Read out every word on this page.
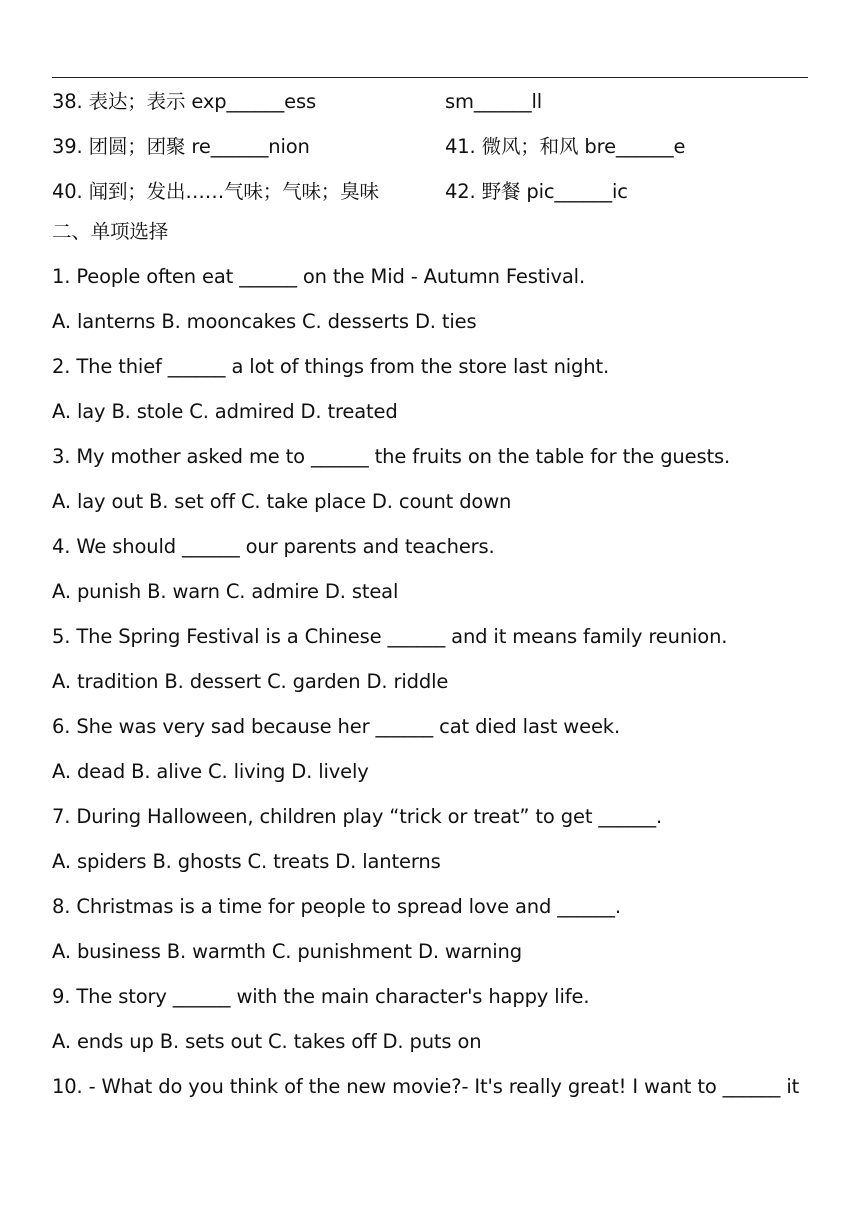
38. 表达；表示 exp______ess	sm______ll
39. 团圆；团聚 re______nion	41. 微风；和风 bre______e
40. 闻到；发出……气味；气味；臭味	42. 野餐 pic______ic
二、单项选择
1. People often eat ______ on the Mid - Autumn Festival.
A. lanterns B. mooncakes C. desserts D. ties
2. The thief ______ a lot of things from the store last night.
A. lay B. stole C. admired D. treated
3. My mother asked me to ______ the fruits on the table for the guests.
A. lay out B. set off C. take place D. count down
4. We should ______ our parents and teachers.
A. punish B. warn C. admire D. steal
5. The Spring Festival is a Chinese ______ and it means family reunion.
A. tradition B. dessert C. garden D. riddle
6. She was very sad because her ______ cat died last week.
A. dead B. alive C. living D. lively
7. During Halloween, children play “trick or treat” to get ______.
A. spiders B. ghosts C. treats D. lanterns
8. Christmas is a time for people to spread love and ______.
A. business B. warmth C. punishment D. warning
9. The story ______ with the main character's happy life.
A. ends up B. sets out C. takes off D. puts on
10. - What do you think of the new movie?- It's really great! I want to ______ it
